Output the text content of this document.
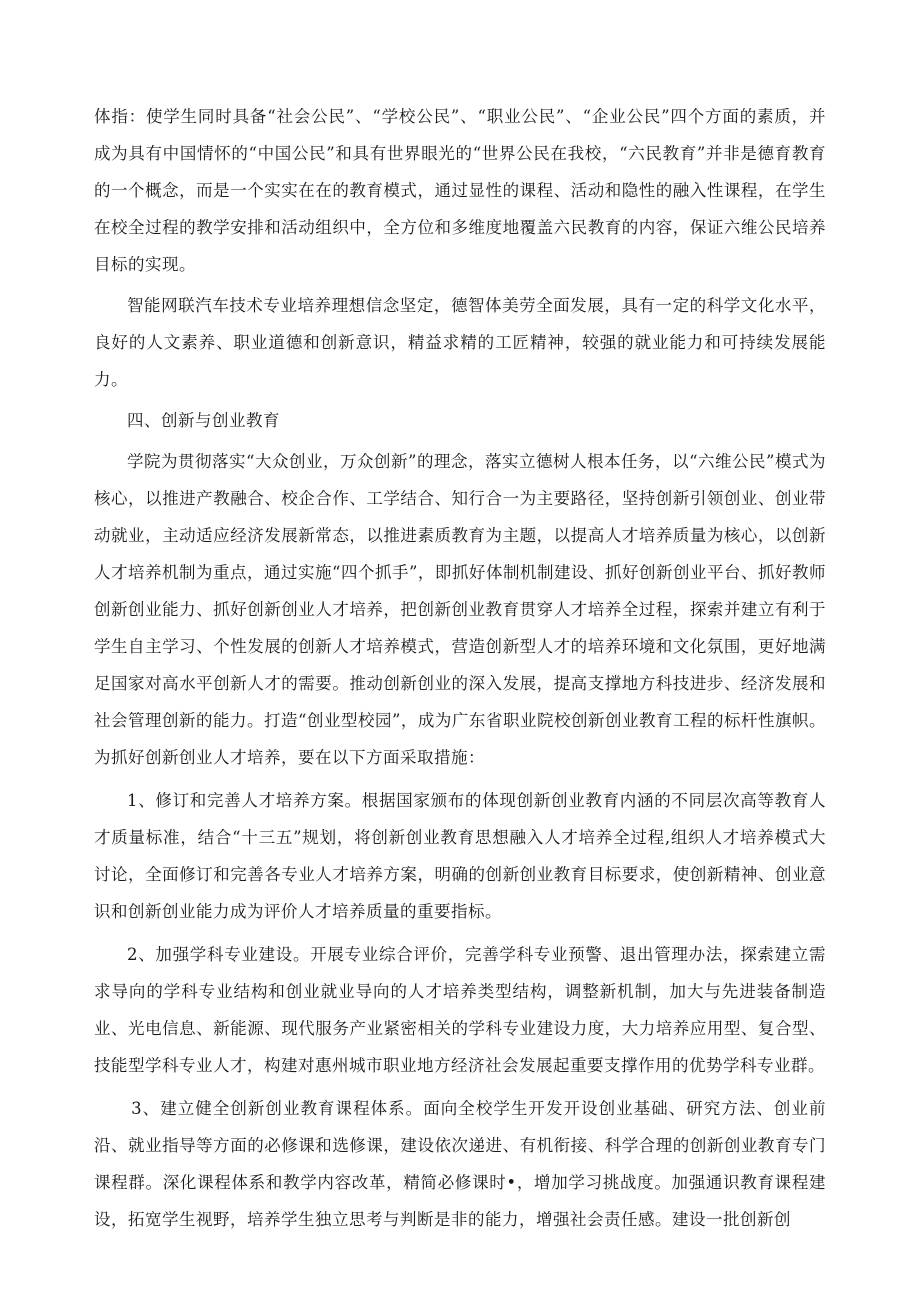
体指：使学生同时具备“社会公民”、“学校公民”、“职业公民”、“企业公民”四个方面的素质，并成为具有中国情怀的“中国公民”和具有世界眼光的“世界公民在我校，“六民教育”并非是德育教育的一个概念，而是一个实实在在的教育模式，通过显性的课程、活动和隐性的融入性课程，在学生在校全过程的教学安排和活动组织中，全方位和多维度地覆盖六民教育的内容，保证六维公民培养目标的实现。

智能网联汽车技术专业培养理想信念坚定，德智体美劳全面发展，具有一定的科学文化水平，良好的人文素养、职业道德和创新意识，精益求精的工匠精神，较强的就业能力和可持续发展能力。

四、创新与创业教育

学院为贯彻落实“大众创业，万众创新”的理念，落实立德树人根本任务，以“六维公民”模式为核心，以推进产教融合、校企合作、工学结合、知行合一为主要路径，坚持创新引领创业、创业带动就业，主动适应经济发展新常态，以推进素质教育为主题，以提高人才培养质量为核心，以创新人才培养机制为重点，通过实施“四个抓手”，即抓好体制机制建设、抓好创新创业平台、抓好教师创新创业能力、抓好创新创业人才培养，把创新创业教育贯穿人才培养全过程，探索并建立有利于学生自主学习、个性发展的创新人才培养模式，营造创新型人才的培养环境和文化氛围，更好地满足国家对高水平创新人才的需要。推动创新创业的深入发展，提高支撑地方科技进步、经济发展和社会管理创新的能力。打造“创业型校园”，成为广东省职业院校创新创业教育工程的标杆性旗帜。为抓好创新创业人才培养，要在以下方面采取措施：

1、修订和完善人才培养方案。根据国家颁布的体现创新创业教育内涵的不同层次高等教育人才质量标准，结合“十三五”规划，将创新创业教育思想融入人才培养全过程,组织人才培养模式大讨论，全面修订和完善各专业人才培养方案，明确的创新创业教育目标要求，使创新精神、创业意识和创新创业能力成为评价人才培养质量的重要指标。

2、加强学科专业建设。开展专业综合评价，完善学科专业预警、退出管理办法，探索建立需求导向的学科专业结构和创业就业导向的人才培养类型结构，调整新机制，加大与先进装备制造业、光电信息、新能源、现代服务产业紧密相关的学科专业建设力度，大力培养应用型、复合型、技能型学科专业人才，构建对惠州城市职业地方经济社会发展起重要支撑作用的优势学科专业群。

3、建立健全创新创业教育课程体系。面向全校学生开发开设创业基础、研究方法、创业前沿、就业指导等方面的必修课和选修课，建设依次递进、有机衔接、科学合理的创新创业教育专门课程群。深化课程体系和教学内容改革，精简必修课时•，增加学习挑战度。加强通识教育课程建设，拓宽学生视野，培养学生独立思考与判断是非的能力，增强社会责任感。建设一批创新创
